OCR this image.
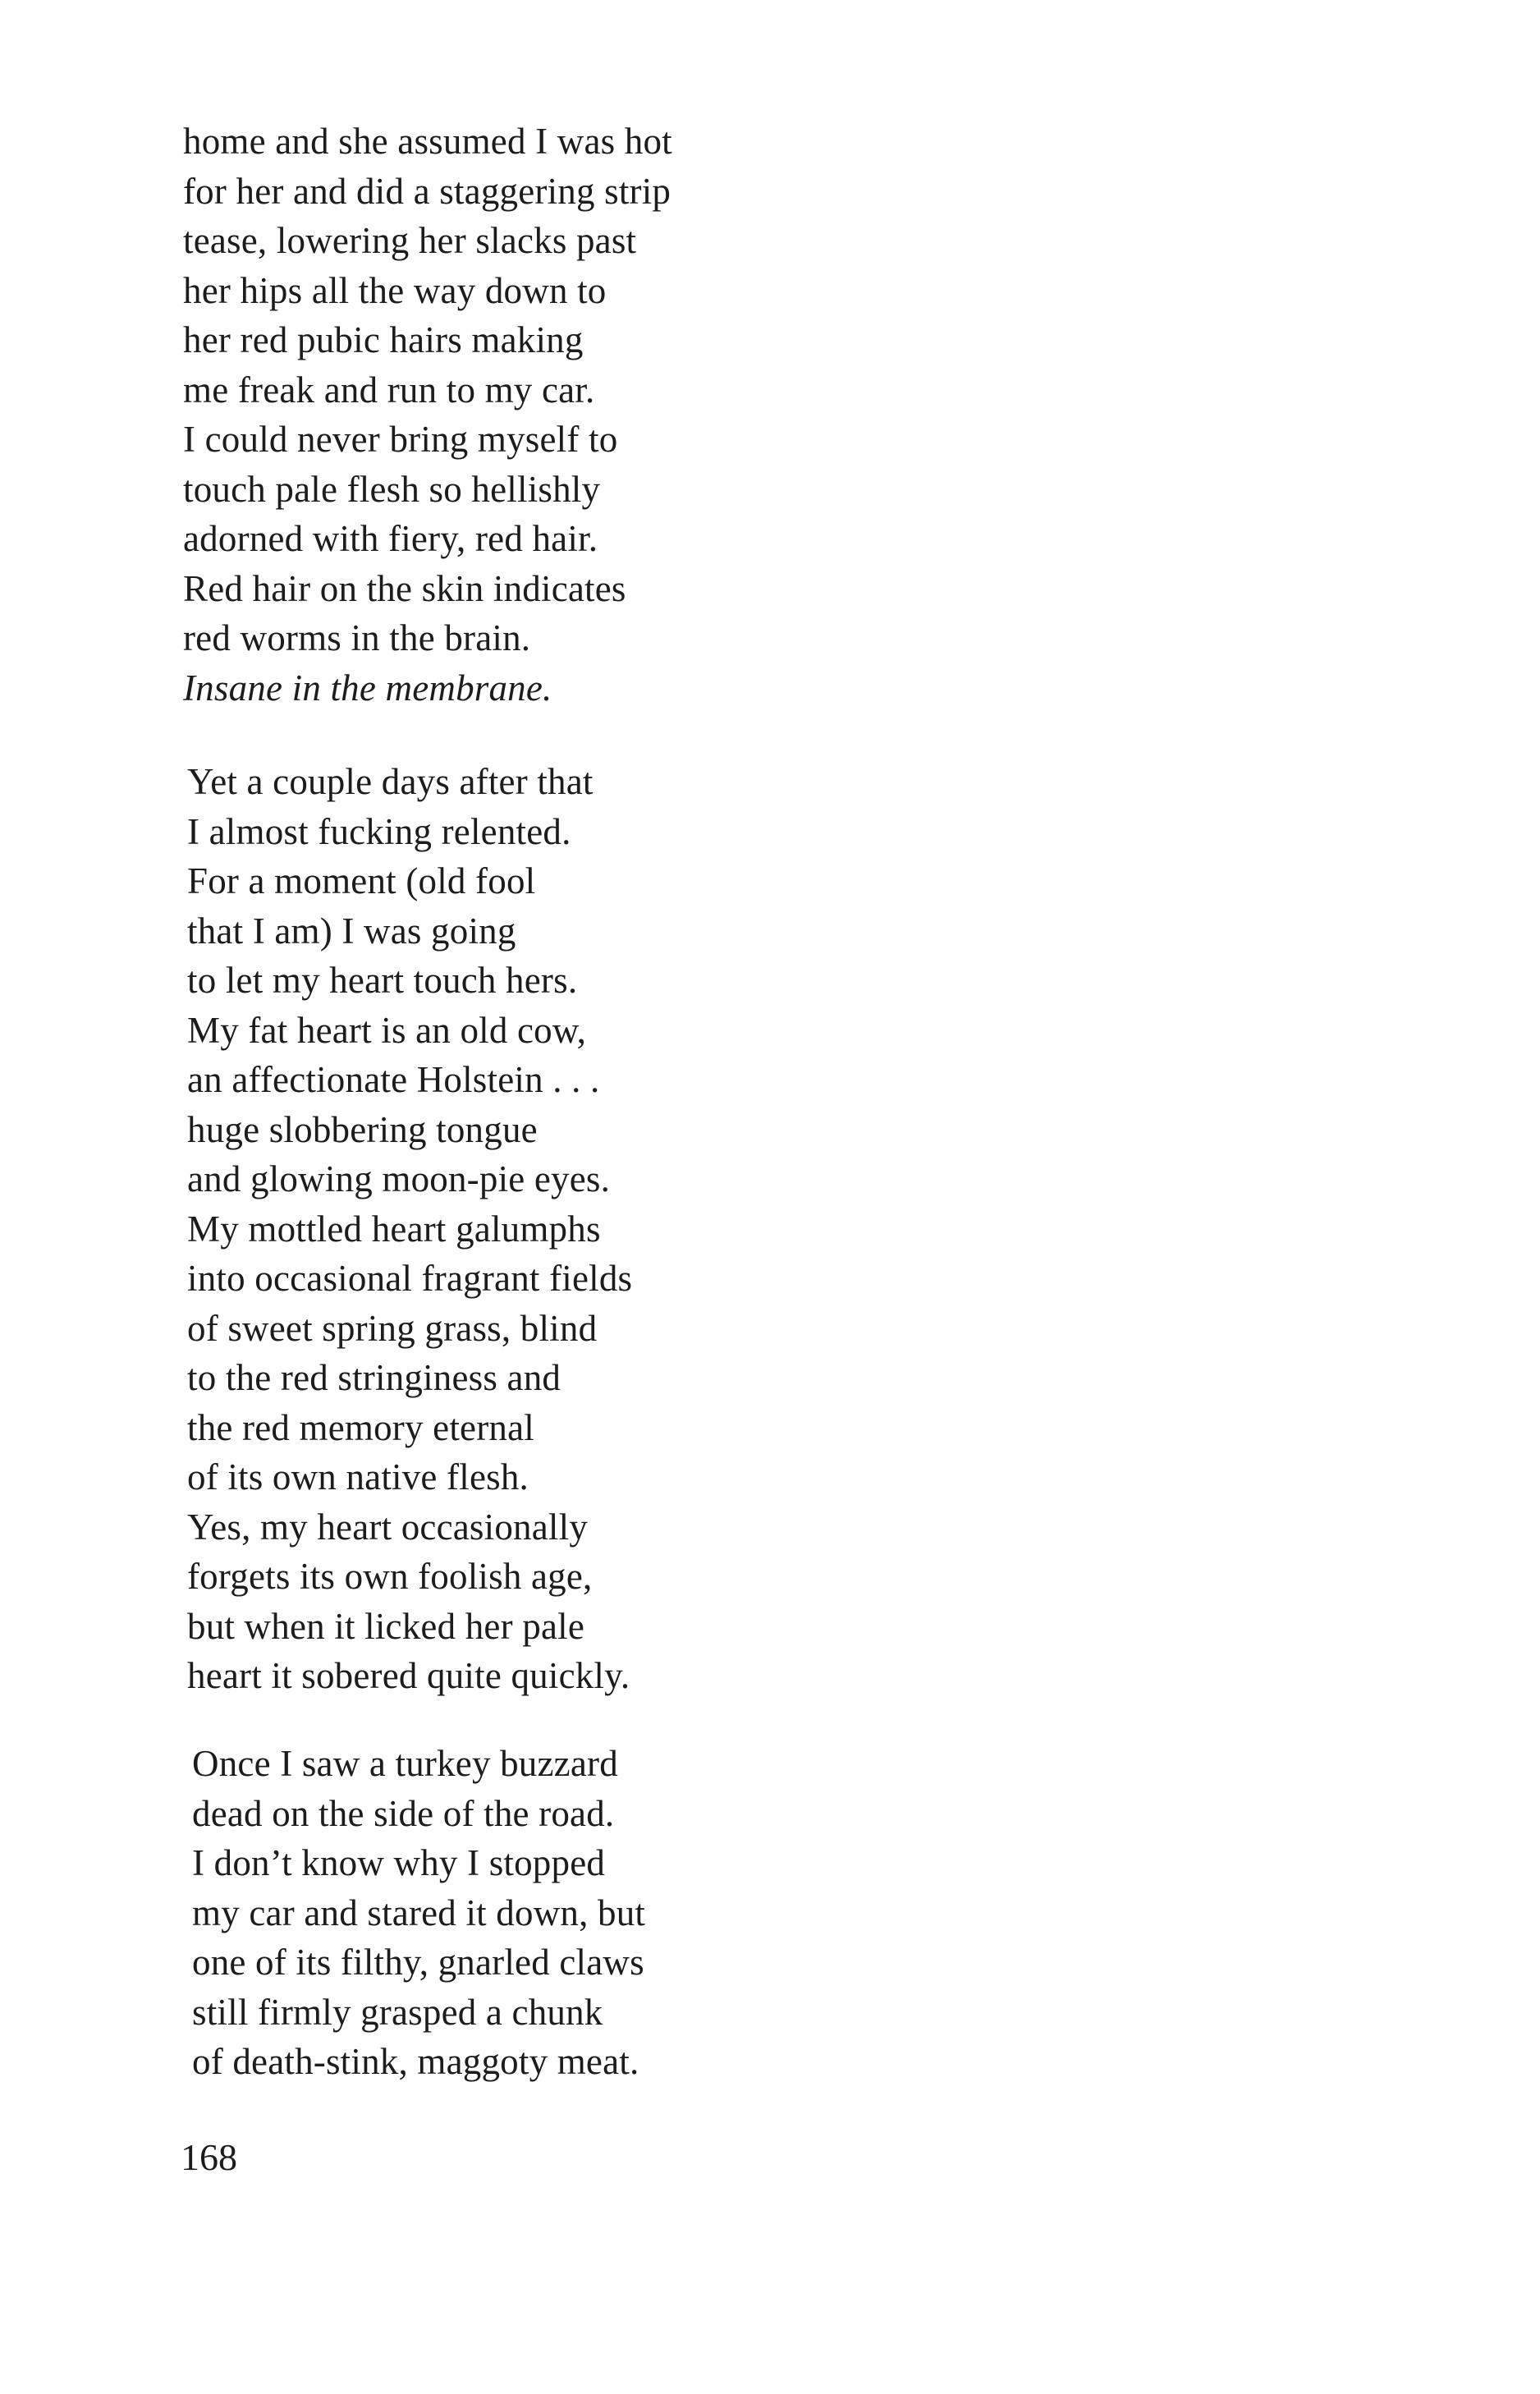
home and she assumed I was hot
for her and did a staggering strip
tease, lowering her slacks past
her hips all the way down to
her red pubic hairs making
me freak and run to my car.
I could never bring myself to
touch pale flesh so hellishly
adorned with fiery, red hair.
Red hair on the skin indicates
red worms in the brain.
Insane in the membrane.
Yet a couple days after that
I almost fucking relented.
For a moment (old fool
that I am) I was going
to let my heart touch hers.
My fat heart is an old cow,
an affectionate Holstein . . .
huge slobbering tongue
and glowing moon-pie eyes.
My mottled heart galumphs
into occasional fragrant fields
of sweet spring grass, blind
to the red stringiness and
the red memory eternal
of its own native flesh.
Yes, my heart occasionally
forgets its own foolish age,
but when it licked her pale
heart it sobered quite quickly.
Once I saw a turkey buzzard
dead on the side of the road.
I don’t know why I stopped
my car and stared it down, but
one of its filthy, gnarled claws
still firmly grasped a chunk
of death-stink, maggoty meat.
168
